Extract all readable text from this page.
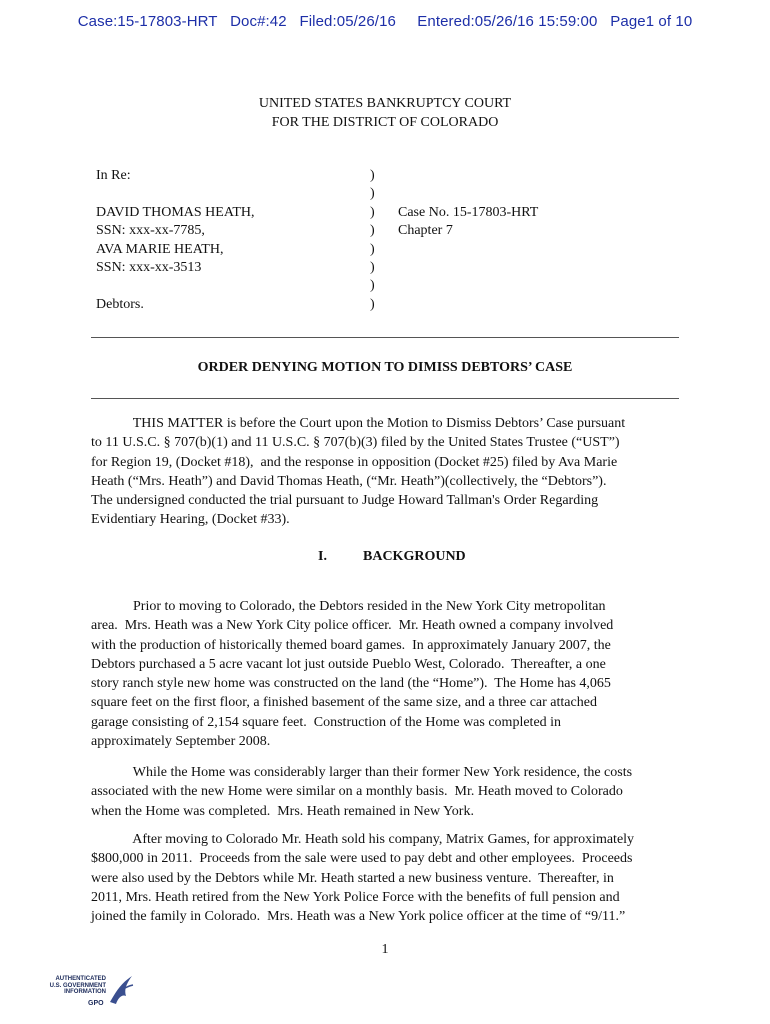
Case:15-17803-HRT Doc#:42 Filed:05/26/16 Entered:05/26/16 15:59:00 Page1 of 10
UNITED STATES BANKRUPTCY COURT
FOR THE DISTRICT OF COLORADO
In Re:
DAVID THOMAS HEATH,
SSN: xxx-xx-7785,
AVA MARIE HEATH,
SSN: xxx-xx-3513
Debtors.
)
)
)
)
)
)
)
)
Case No. 15-17803-HRT
Chapter 7
ORDER DENYING MOTION TO DIMISS DEBTORS’ CASE
THIS MATTER is before the Court upon the Motion to Dismiss Debtors’ Case pursuant
to 11 U.S.C. § 707(b)(1) and 11 U.S.C. § 707(b)(3) filed by the United States Trustee (“UST”)
for Region 19, (Docket #18),  and the response in opposition (Docket #25) filed by Ava Marie
Heath (“Mrs. Heath”) and David Thomas Heath, (“Mr. Heath”)(collectively, the “Debtors”).
The undersigned conducted the trial pursuant to Judge Howard Tallman's Order Regarding
Evidentiary Hearing, (Docket #33).
I.	BACKGROUND
Prior to moving to Colorado, the Debtors resided in the New York City metropolitan
area.  Mrs. Heath was a New York City police officer.  Mr. Heath owned a company involved
with the production of historically themed board games.  In approximately January 2007, the
Debtors purchased a 5 acre vacant lot just outside Pueblo West, Colorado.  Thereafter, a one
story ranch style new home was constructed on the land (the “Home”).  The Home has 4,065
square feet on the first floor, a finished basement of the same size, and a three car attached
garage consisting of 2,154 square feet.  Construction of the Home was completed in
approximately September 2008.
While the Home was considerably larger than their former New York residence, the costs
associated with the new Home were similar on a monthly basis.  Mr. Heath moved to Colorado
when the Home was completed.  Mrs. Heath remained in New York.
After moving to Colorado Mr. Heath sold his company, Matrix Games, for approximately
$800,000 in 2011.  Proceeds from the sale were used to pay debt and other employees.  Proceeds
were also used by the Debtors while Mr. Heath started a new business venture.  Thereafter, in
2011, Mrs. Heath retired from the New York Police Force with the benefits of full pension and
joined the family in Colorado.  Mrs. Heath was a New York police officer at the time of “9/11.”
1
AUTHENTICATED
U.S. GOVERNMENT
INFORMATION
GPO
